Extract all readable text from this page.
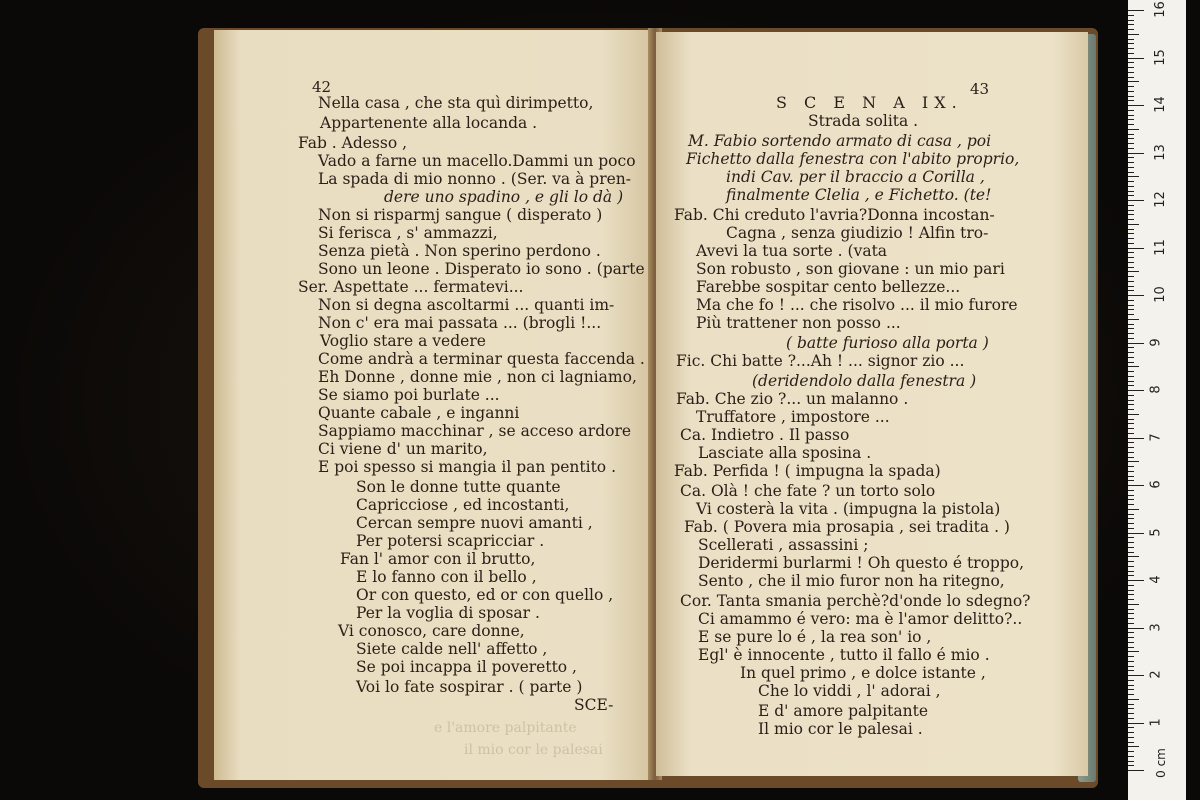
e l'amore palpitante
il mio cor le palesai
42
Nella casa , che sta quì dirimpetto,
Appartenente alla locanda .
Fab . Adesso ,
Vado a farne un macello.Dammi un poco
La spada di mio nonno . (Ser. va à pren-
dere uno spadino , e gli lo dà )
Non si risparmj sangue ( disperato )
Si ferisca , s' ammazzi,
Senza pietà . Non sperino perdono .
Sono un leone . Disperato io sono . (parte
Ser. Aspettate ... fermatevi...
Non si degna ascoltarmi ... quanti im-
Non c' era mai passata ... (brogli !...
Voglio stare a vedere
Come andrà a terminar questa faccenda .
Eh Donne , donne mie , non ci lagniamo,
Se siamo poi burlate ...
Quante cabale , e inganni
Sappiamo macchinar , se acceso ardore
Ci viene d' un marito,
E poi spesso si mangia il pan pentito .
Son le donne tutte quante
Capricciose , ed incostanti,
Cercan sempre nuovi amanti ,
Per potersi scapricciar .
Fan l' amor con il brutto,
E lo fanno con il bello ,
Or con questo, ed or con quello ,
Per la voglia di sposar .
Vi conosco, care donne,
Siete calde nell' affetto ,
Se poi incappa il poveretto ,
Voi lo fate sospirar . ( parte )
SCE-
43
S C E N A IX.
Strada solita .
M. Fabio sortendo armato di casa , poi
Fichetto dalla fenestra con l'abito proprio,
indi Cav. per il braccio a Corilla ,
finalmente Clelia , e Fichetto. (te!
Fab. Chi creduto l'avria?Donna incostan-
Cagna , senza giudizio ! Alfin tro-
Avevi la tua sorte . (vata
Son robusto , son giovane : un mio pari
Farebbe sospitar cento bellezze...
Ma che fo ! ... che risolvo ... il mio furore
Più trattener non posso ...
( batte furioso alla porta )
Fic. Chi batte ?...Ah ! ... signor zio ...
(deridendolo dalla fenestra )
Fab. Che zio ?... un malanno .
Truffatore , impostore ...
Ca. Indietro . Il passo
Lasciate alla sposina .
Fab. Perfida ! ( impugna la spada)
Ca. Olà ! che fate ? un torto solo
Vi costerà la vita . (impugna la pistola)
Fab. ( Povera mia prosapia , sei tradita . )
Scellerati , assassini ;
Deridermi burlarmi ! Oh questo é troppo,
Sento , che il mio furor non ha ritegno,
Cor. Tanta smania perchè?d'onde lo sdegno?
Ci amammo é vero: ma è l'amor delitto?..
E se pure lo é , la rea son' io ,
Egl' è innocente , tutto il fallo é mio .
In quel primo , e dolce istante ,
Che lo viddi , l' adorai ,
E d' amore palpitante
Il mio cor le palesai .
0 cm
1
2
3
4
5
6
7
8
9
10
11
12
13
14
15
16
